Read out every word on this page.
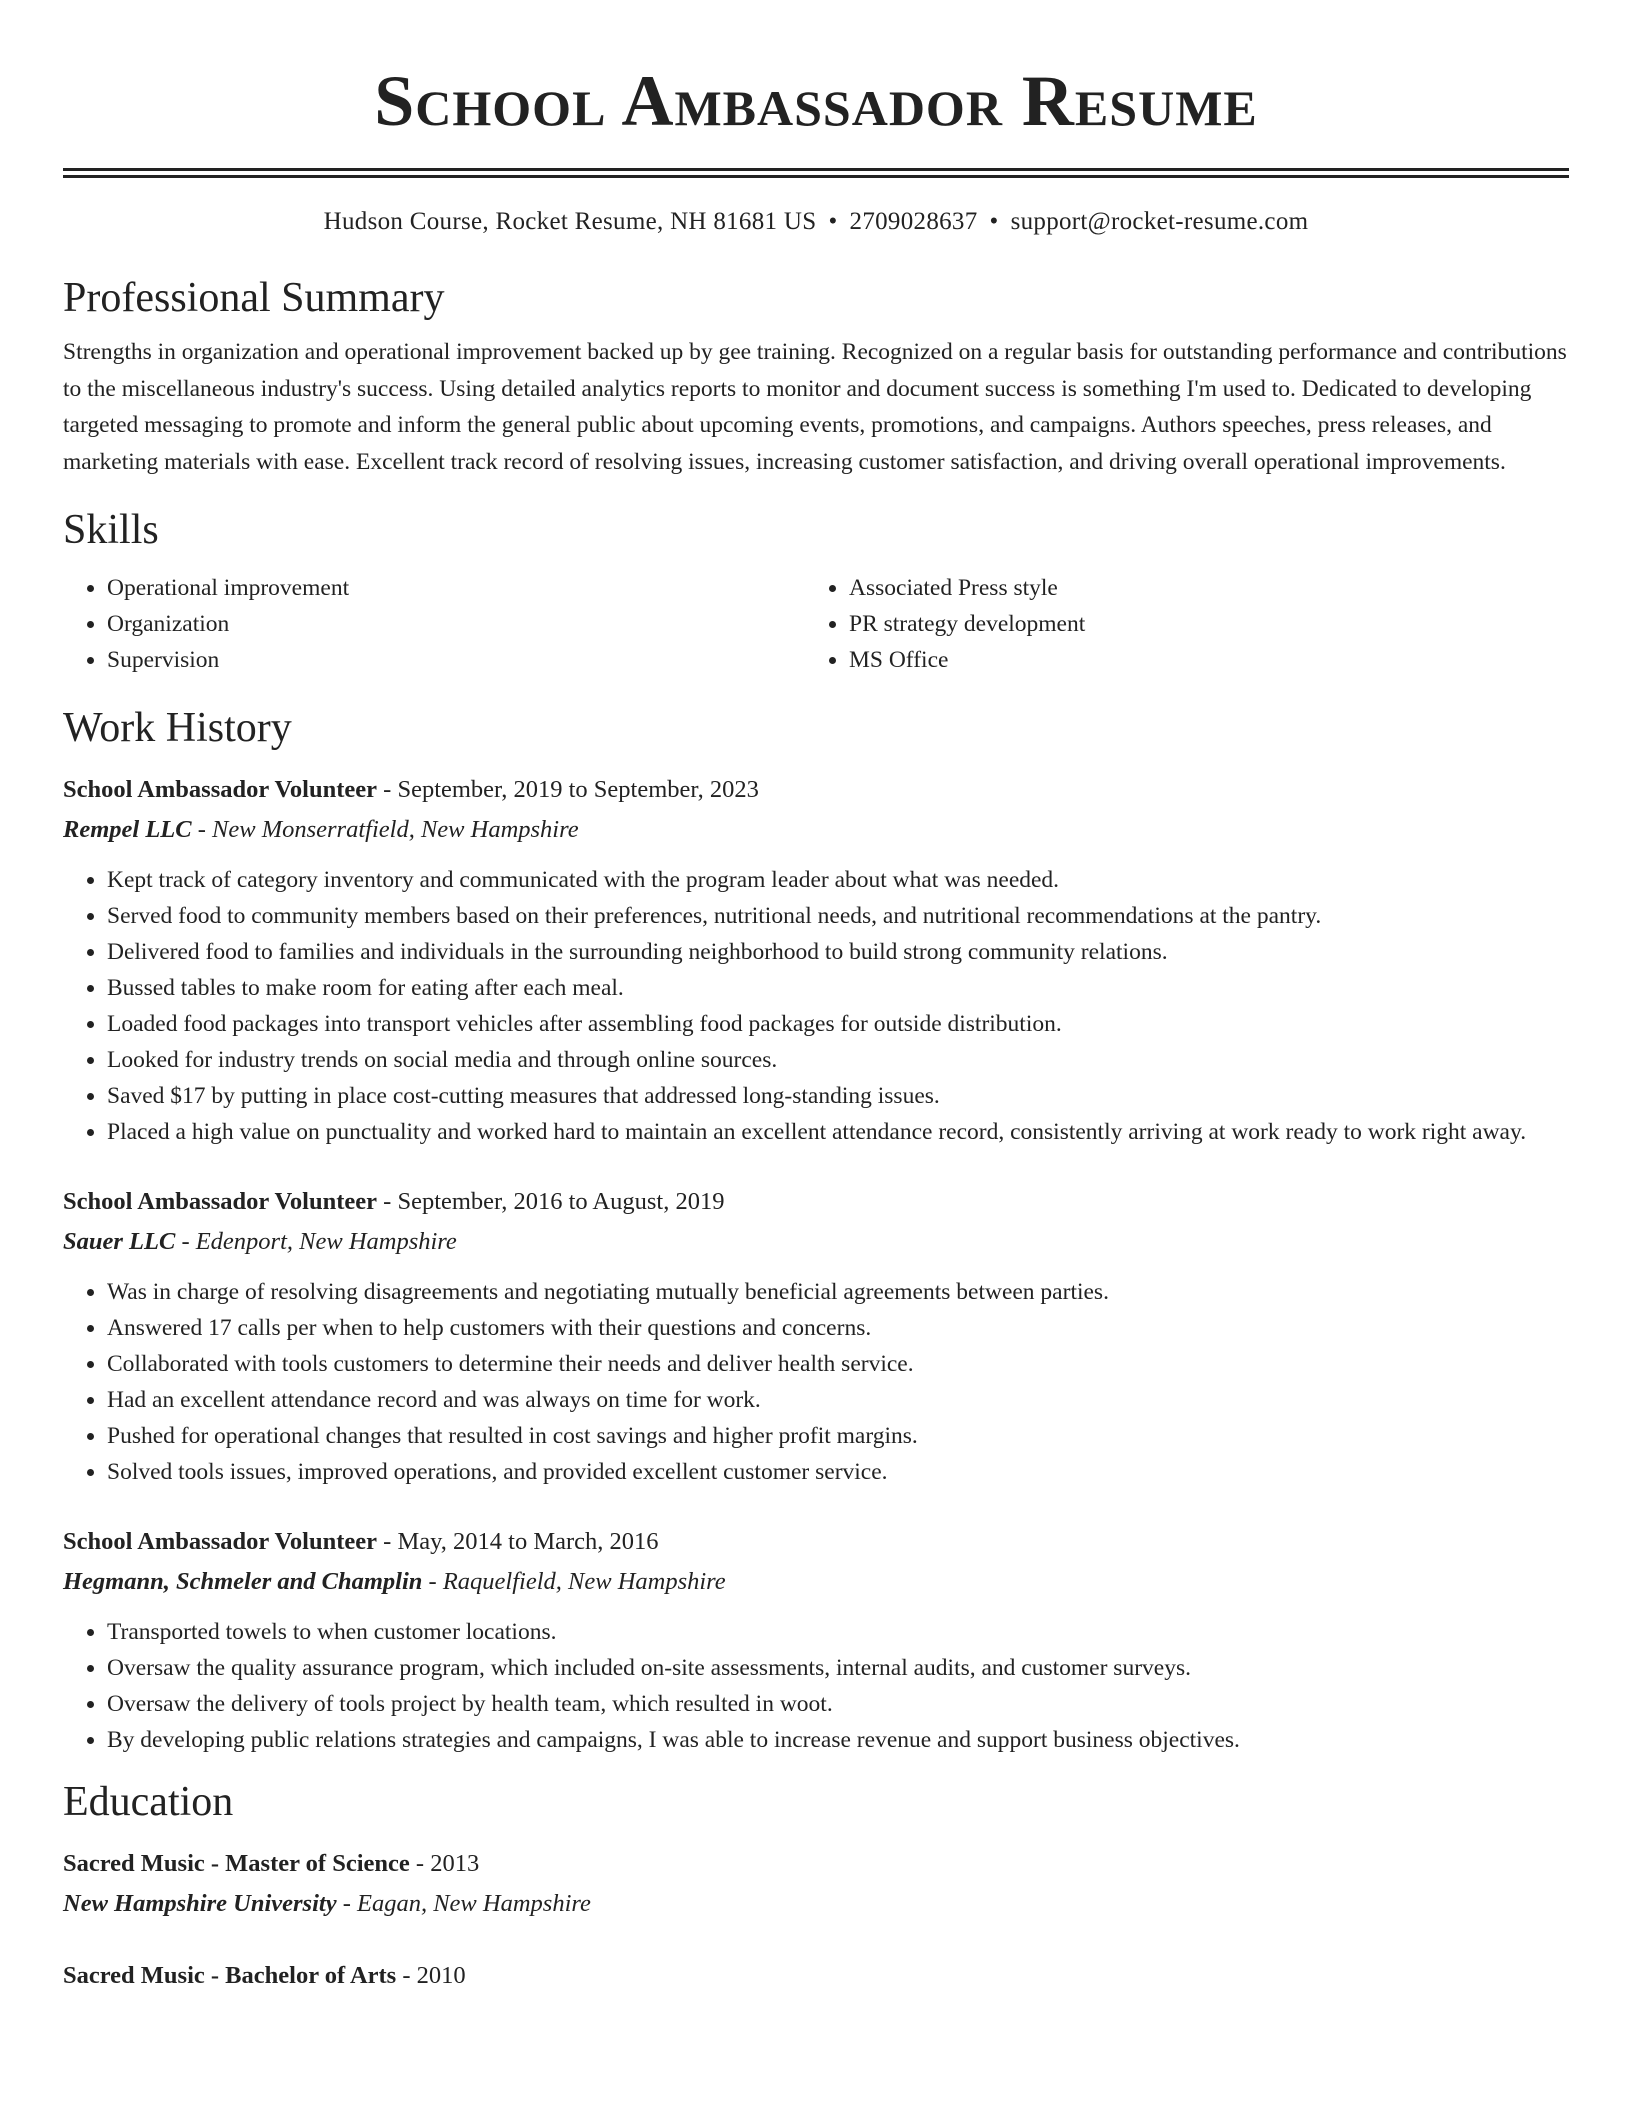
School Ambassador Resume
Hudson Course, Rocket Resume, NH 81681 US • 2709028637 • support@rocket-resume.com
Professional Summary

Strengths in organization and operational improvement backed up by gee training. Recognized on a regular basis for outstanding performance and contributions to the miscellaneous industry's success. Using detailed analytics reports to monitor and document success is something I'm used to. Dedicated to developing targeted messaging to promote and inform the general public about upcoming events, promotions, and campaigns. Authors speeches, press releases, and marketing materials with ease. Excellent track record of resolving issues, increasing customer satisfaction, and driving overall operational improvements.

Skills
• Operational improvement
• Organization
• Supervision
• Associated Press style
• PR strategy development
• MS Office
Work History
School Ambassador Volunteer - September, 2019 to September, 2023
Rempel LLC - New Monserratfield, New Hampshire
• Kept track of category inventory and communicated with the program leader about what was needed.
• Served food to community members based on their preferences, nutritional needs, and nutritional recommendations at the pantry.
• Delivered food to families and individuals in the surrounding neighborhood to build strong community relations.
• Bussed tables to make room for eating after each meal.
• Loaded food packages into transport vehicles after assembling food packages for outside distribution.
• Looked for industry trends on social media and through online sources.
• Saved $17 by putting in place cost-cutting measures that addressed long-standing issues.
• Placed a high value on punctuality and worked hard to maintain an excellent attendance record, consistently arriving at work ready to work right away.
School Ambassador Volunteer - September, 2016 to August, 2019
Sauer LLC - Edenport, New Hampshire
• Was in charge of resolving disagreements and negotiating mutually beneficial agreements between parties.
• Answered 17 calls per when to help customers with their questions and concerns.
• Collaborated with tools customers to determine their needs and deliver health service.
• Had an excellent attendance record and was always on time for work.
• Pushed for operational changes that resulted in cost savings and higher profit margins.
• Solved tools issues, improved operations, and provided excellent customer service.
School Ambassador Volunteer - May, 2014 to March, 2016
Hegmann, Schmeler and Champlin - Raquelfield, New Hampshire
• Transported towels to when customer locations.
• Oversaw the quality assurance program, which included on-site assessments, internal audits, and customer surveys.
• Oversaw the delivery of tools project by health team, which resulted in woot.
• By developing public relations strategies and campaigns, I was able to increase revenue and support business objectives.
Education
Sacred Music - Master of Science - 2013
New Hampshire University - Eagan, New Hampshire
Sacred Music - Bachelor of Arts - 2010
